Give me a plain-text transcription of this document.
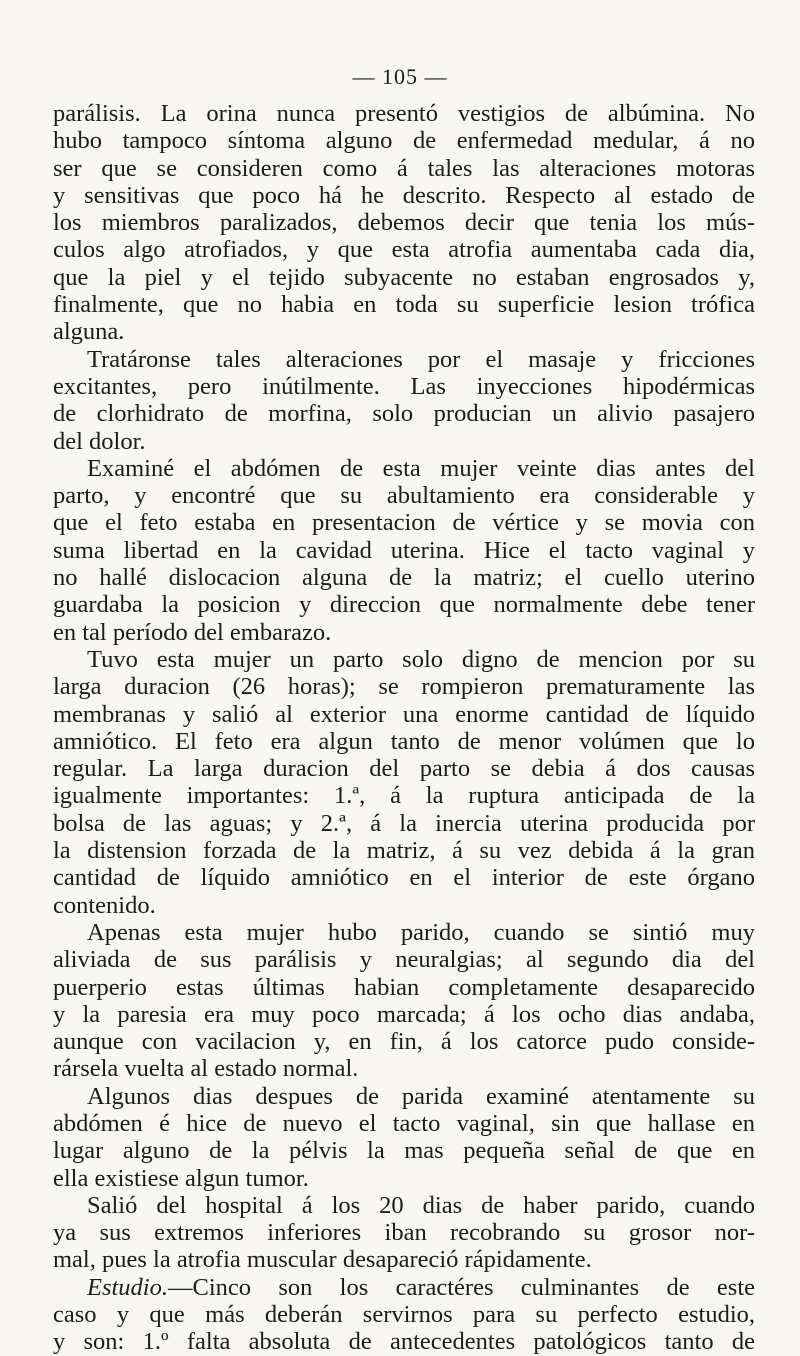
— 105 —

parálisis. La orina nunca presentó vestigios de albúmina. No

hubo tampoco síntoma alguno de enfermedad medular, á no

ser que se consideren como á tales las alteraciones motoras

y sensitivas que poco há he descrito. Respecto al estado de

los miembros paralizados, debemos decir que tenia los mús-

culos algo atrofiados, y que esta atrofia aumentaba cada dia,

que la piel y el tejido subyacente no estaban engrosados y,

finalmente, que no habia en toda su superficie lesion trófica

alguna.

Tratáronse tales alteraciones por el masaje y fricciones

excitantes, pero inútilmente. Las inyecciones hipodérmicas

de clorhidrato de morfina, solo producian un alivio pasajero

del dolor.

Examiné el abdómen de esta mujer veinte dias antes del

parto, y encontré que su abultamiento era considerable y

que el feto estaba en presentacion de vértice y se movia con

suma libertad en la cavidad uterina. Hice el tacto vaginal y

no hallé dislocacion alguna de la matriz; el cuello uterino

guardaba la posicion y direccion que normalmente debe tener

en tal período del embarazo.

Tuvo esta mujer un parto solo digno de mencion por su

larga duracion (26 horas); se rompieron prematuramente las

membranas y salió al exterior una enorme cantidad de líquido

amniótico. El feto era algun tanto de menor volúmen que lo

regular. La larga duracion del parto se debia á dos causas

igualmente importantes: 1.ª, á la ruptura anticipada de la

bolsa de las aguas; y 2.ª, á la inercia uterina producida por

la distension forzada de la matriz, á su vez debida á la gran

cantidad de líquido amniótico en el interior de este órgano

contenido.

Apenas esta mujer hubo parido, cuando se sintió muy

aliviada de sus parálisis y neuralgias; al segundo dia del

puerperio estas últimas habian completamente desaparecido

y la paresia era muy poco marcada; á los ocho dias andaba,

aunque con vacilacion y, en fin, á los catorce pudo conside-

rársela vuelta al estado normal.

Algunos dias despues de parida examiné atentamente su

abdómen é hice de nuevo el tacto vaginal, sin que hallase en

lugar alguno de la pélvis la mas pequeña señal de que en

ella existiese algun tumor.

Salió del hospital á los 20 dias de haber parido, cuando

ya sus extremos inferiores iban recobrando su grosor nor-

mal, pues la atrofia muscular desapareció rápidamente.

Estudio.—Cinco son los caractéres culminantes de este

caso y que más deberán servirnos para su perfecto estudio,

y son: 1.º falta absoluta de antecedentes patológicos tanto de
